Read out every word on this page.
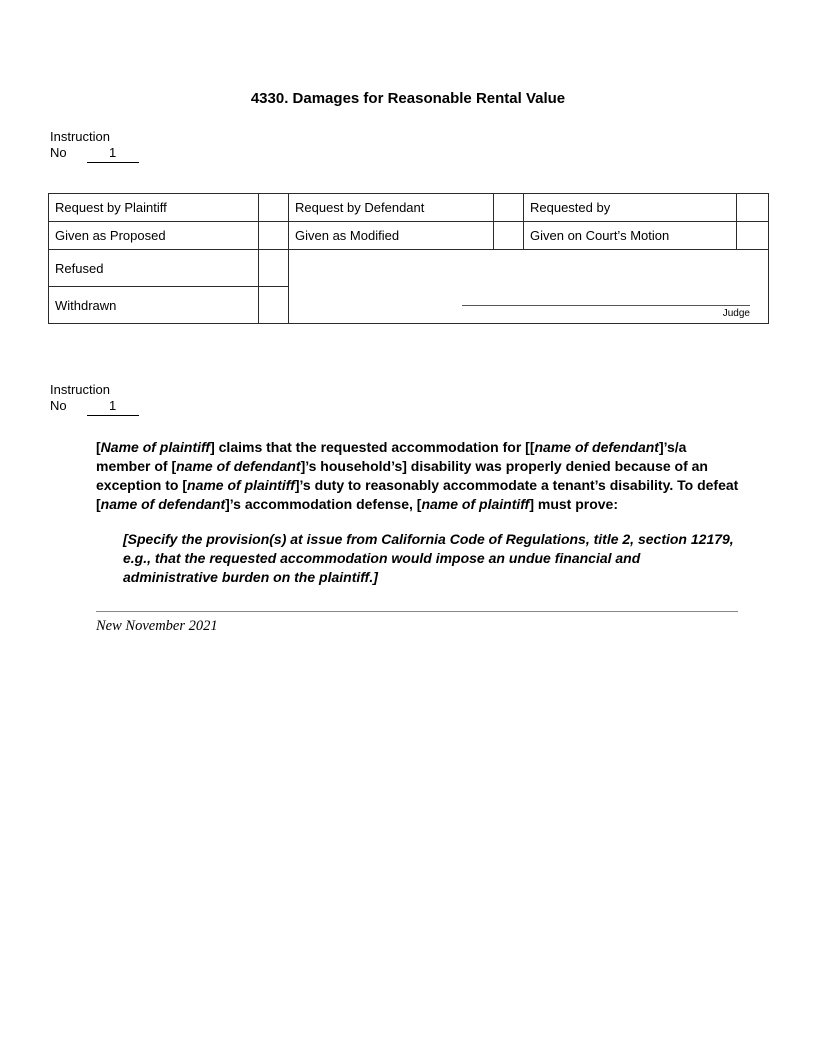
4330. Damages for Reasonable Rental Value
Instruction
No	1
Request by Plaintiff		Request by Defendant		Requested by	
Given as Proposed		Given as Modified		Given on Court’s Motion	
Refused		Judge			

Withdrawn					
Instruction
No	1

[Name of plaintiff] claims that the requested accommodation for [[name of defendant]’s/a member of [name of defendant]’s household’s] disability was properly denied because of an exception to [name of plaintiff]’s duty to reasonably accommodate a tenant’s disability. To defeat [name of defendant]’s accommodation defense, [name of plaintiff] must prove:

[Specify the provision(s) at issue from California Code of Regulations, title 2, section 12179, e.g., that the requested accommodation would impose an undue financial and administrative burden on the plaintiff.]

New November 2021
